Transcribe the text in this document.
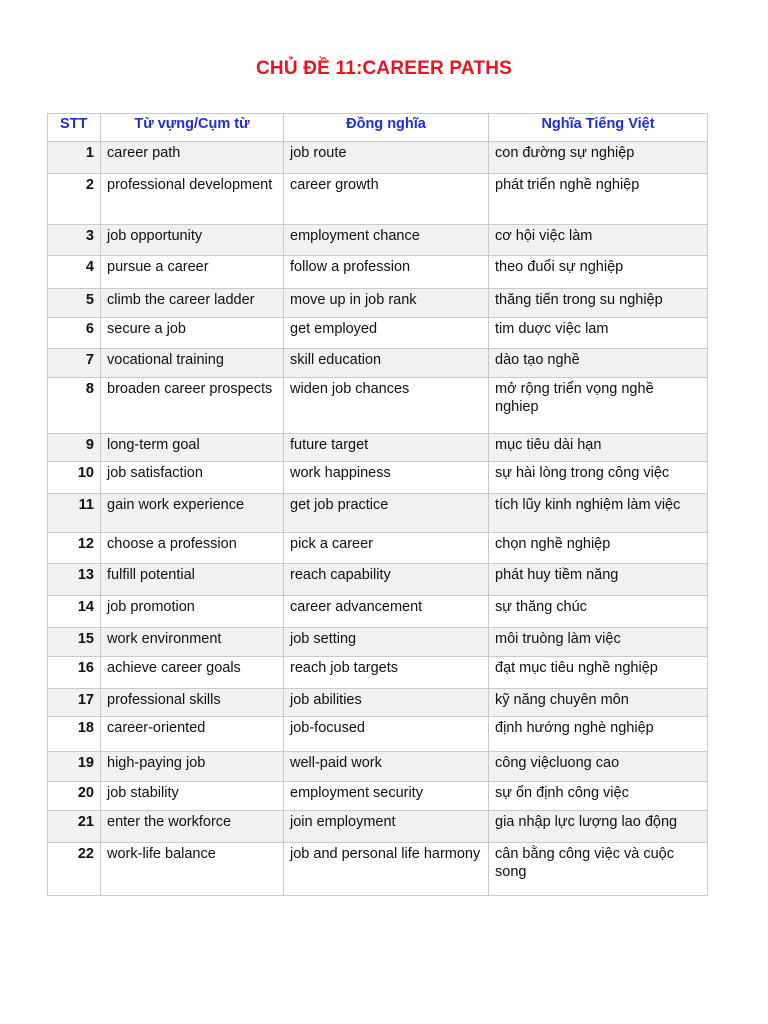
CHỦ ĐỀ 11:CAREER PATHS
STT	Từ vựng/Cụm từ	Đồng nghĩa	Nghĩa Tiếng Việt
1	career path	job route	con đường sự nghiệp
2	professional development	career growth	phát triển nghề nghiệp
3	job opportunity	employment chance	cơ hội việc làm
4	pursue a career	follow a profession	theo đuổi sự nghiệp
5	climb the career ladder	move up in job rank	thăng tiến trong su nghiệp
6	secure a job	get employed	tim duợc việc lam
7	vocational training	skill education	dào tạo nghề
8	broaden career prospects	widen job chances	mở rộng triển vọng nghề nghiep
9	long-term goal	future target	mục tiêu dài hạn
10	job satisfaction	work happiness	sự hài lòng trong công việc
11	gain work experience	get job practice	tích lũy kinh nghiệm làm việc
12	choose a profession	pick a career	chọn nghề nghiệp
13	fulfill potential	reach capability	phát huy tiềm năng
14	job promotion	career advancement	sự thăng chúc
15	work environment	job setting	môi truòng làm việc
16	achieve career goals	reach job targets	đạt mục tiêu nghề nghiệp
17	professional skills	job abilities	kỹ năng chuyên môn
18	career-oriented	job-focused	định hướng nghè nghiệp
19	high-paying job	well-paid work	công việcluong cao
20	job stability	employment security	sự ổn định công việc
21	enter the workforce	join employment	gia nhập lực lượng lao động
22	work-life balance	job and personal life harmony	cân bằng công việc và cuộc song
